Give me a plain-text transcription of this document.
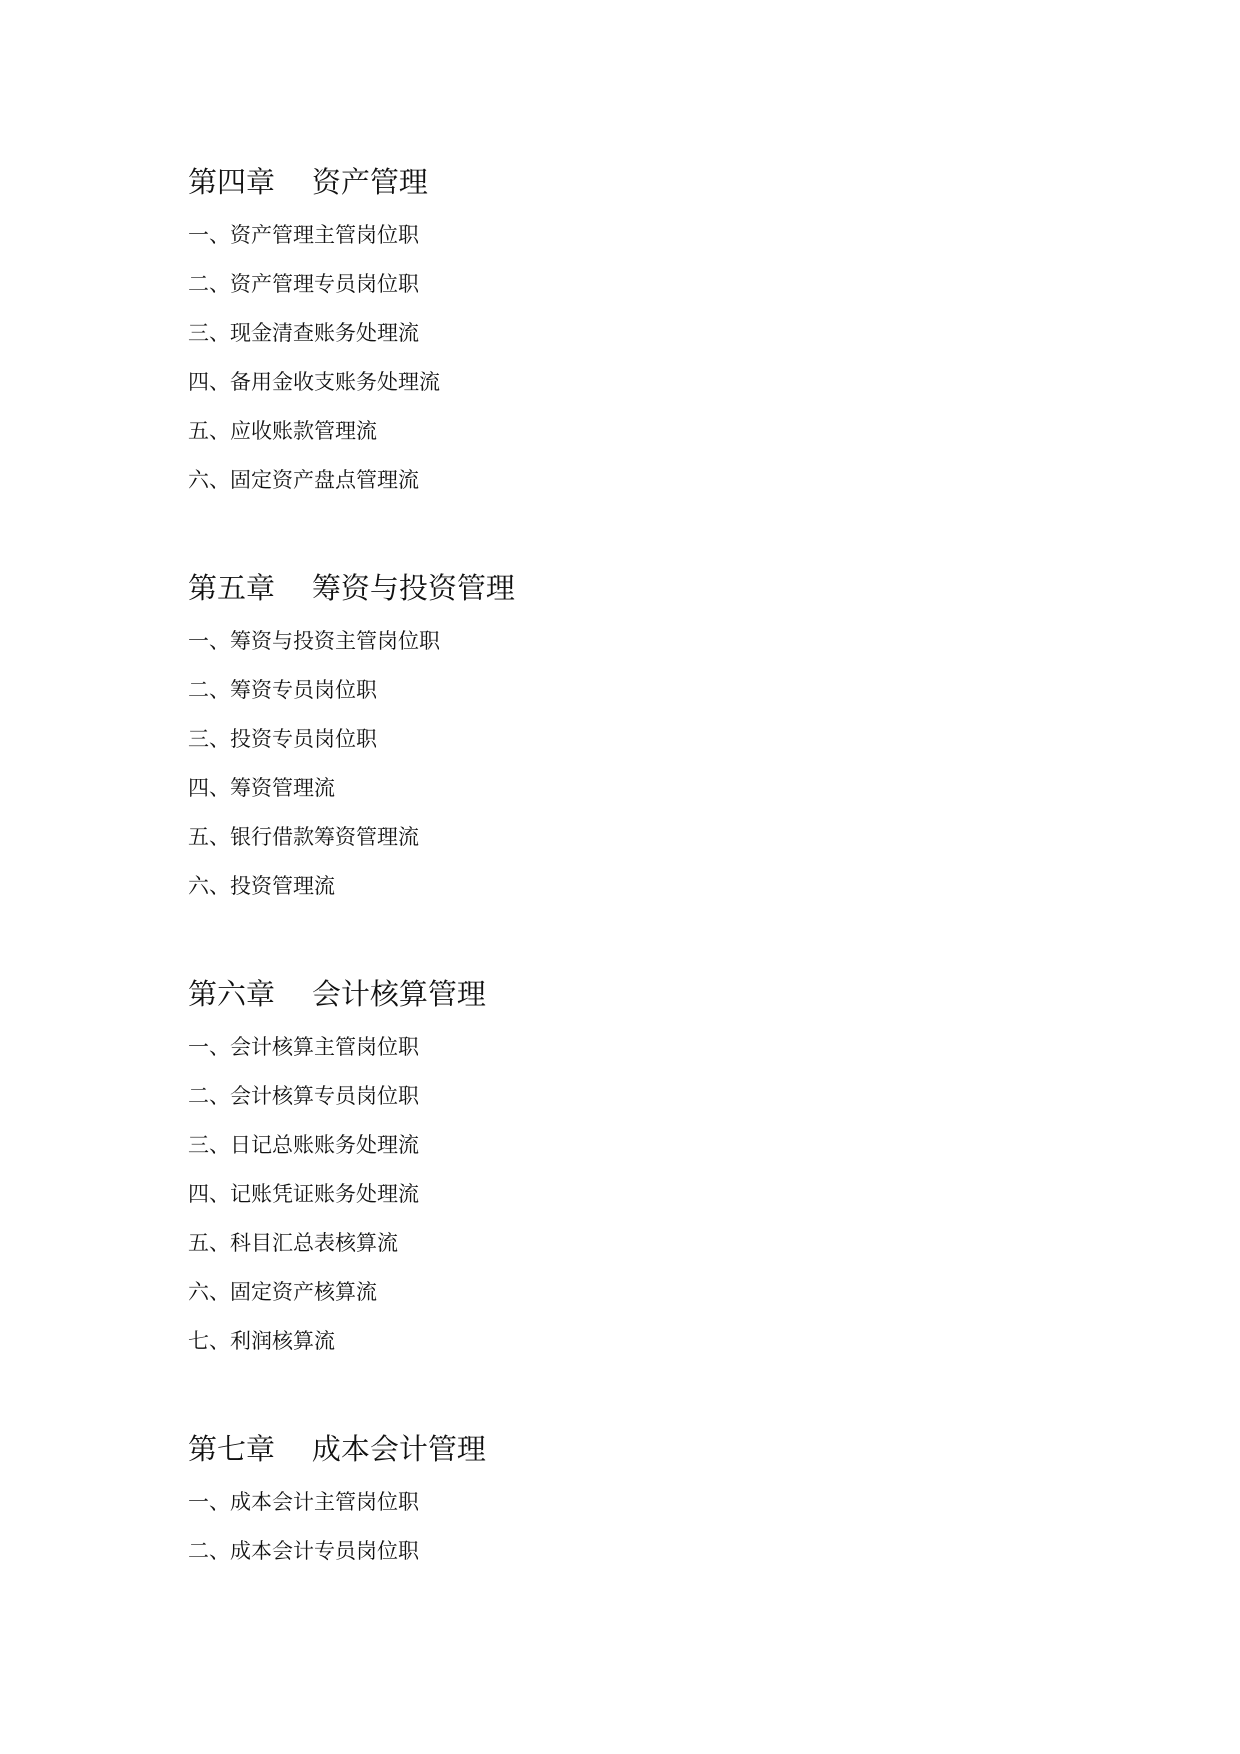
第四章    资产管理
一、 资产管理主管岗位职
二、 资产管理专员岗位职
三、 现金清查账务处理流
四、 备用金收支账务处理流
五、 应收账款管理流
六、 固定资产盘点管理流
第五章    筹资与投资管理
一、 筹资与投资主管岗位职
二、 筹资专员岗位职
三、 投资专员岗位职
四、 筹资管理流
五、 银行借款筹资管理流
六、 投资管理流
第六章    会计核算管理
一、 会计核算主管岗位职
二、 会计核算专员岗位职
三、 日记总账账务处理流
四、 记账凭证账务处理流
五、 科目汇总表核算流
六、 固定资产核算流
七、 利润核算流
第七章    成本会计管理
一、 成本会计主管岗位职
二、 成本会计专员岗位职
